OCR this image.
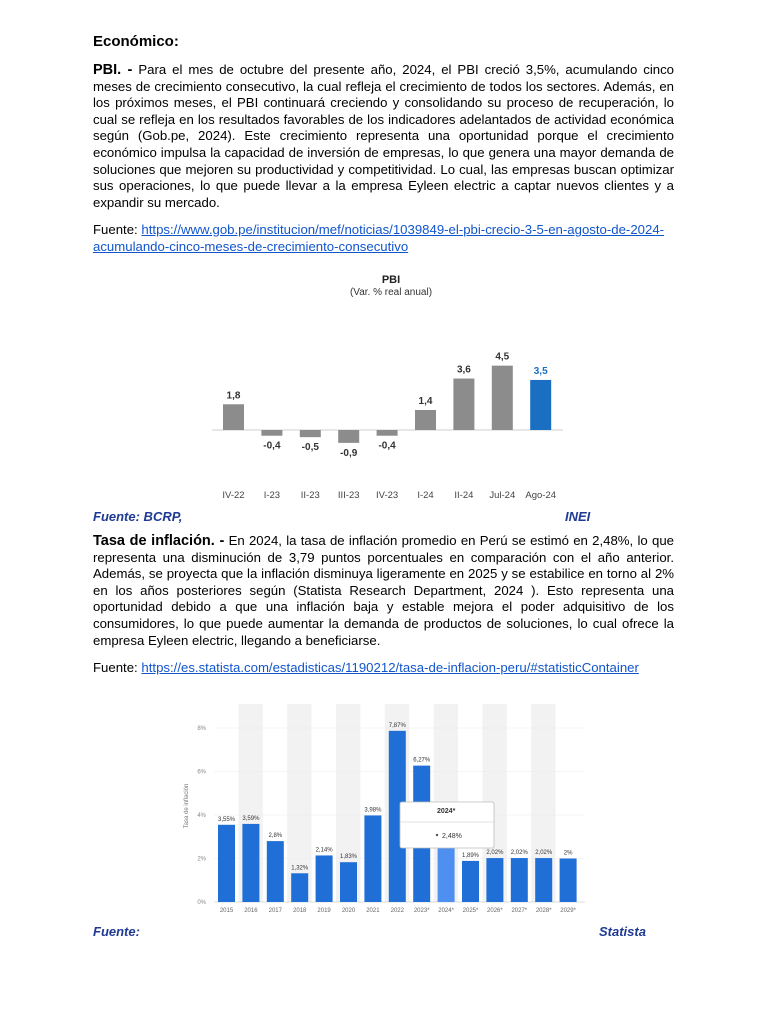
Económico:
PBI. - Para el mes de octubre del presente año, 2024, el PBI creció 3,5%, acumulando cinco meses de crecimiento consecutivo, la cual refleja el crecimiento de todos los sectores. Además, en los próximos meses, el PBI continuará creciendo y consolidando su proceso de recuperación, lo cual se refleja en los resultados favorables de los indicadores adelantados de actividad económica según (Gob.pe, 2024). Este crecimiento representa una oportunidad porque el crecimiento económico impulsa la capacidad de inversión de empresas, lo que genera una mayor demanda de soluciones que mejoren su productividad y competitividad. Lo cual, las empresas buscan optimizar sus operaciones, lo que puede llevar a la empresa Eyleen electric a captar nuevos clientes y a expandir su mercado.
Fuente: https://www.gob.pe/institucion/mef/noticias/1039849-el-pbi-crecio-3-5-en-agosto-de-2024-acumulando-cinco-meses-de-crecimiento-consecutivo
PBI
(Var. % real anual)
1,8
IV-22
-0,4
I-23
-0,5
II-23
-0,9
III-23
-0,4
IV-23
1,4
I-24
3,6
II-24
4,5
Jul-24
3,5
Ago-24
Fuente: BCRP,	INEI
Tasa de inflación. - En 2024, la tasa de inflación promedio en Perú se estimó en 2,48%, lo que representa una disminución de 3,79 puntos porcentuales en comparación con el año anterior. Además, se proyecta que la inflación disminuya ligeramente en 2025 y se estabilice en torno al 2% en los años posteriores según (Statista Research Department, 2024 ). Esto representa una oportunidad debido a que una inflación baja y estable mejora el poder adquisitivo de los consumidores, lo que puede aumentar la demanda de productos de soluciones, lo cual ofrece la empresa Eyleen electric, llegando a beneficiarse.
Fuente: https://es.statista.com/estadisticas/1190212/tasa-de-inflacion-peru/#statisticContainer
0%
2%
4%
6%
8%
Tasa de inflación	3,55%
2015
3,59%
2016
2,8%
2017
1,32%
2018
2,14%
2019
1,83%
2020
3,98%
2021
7,87%
2022
6,27%
2023* 2024*
1,89%
2025*
2,02%
2026*
2,02%
2027*
2,02%
2028*
2%
2029*
2024*
2,48%
Fuente:	Statista
